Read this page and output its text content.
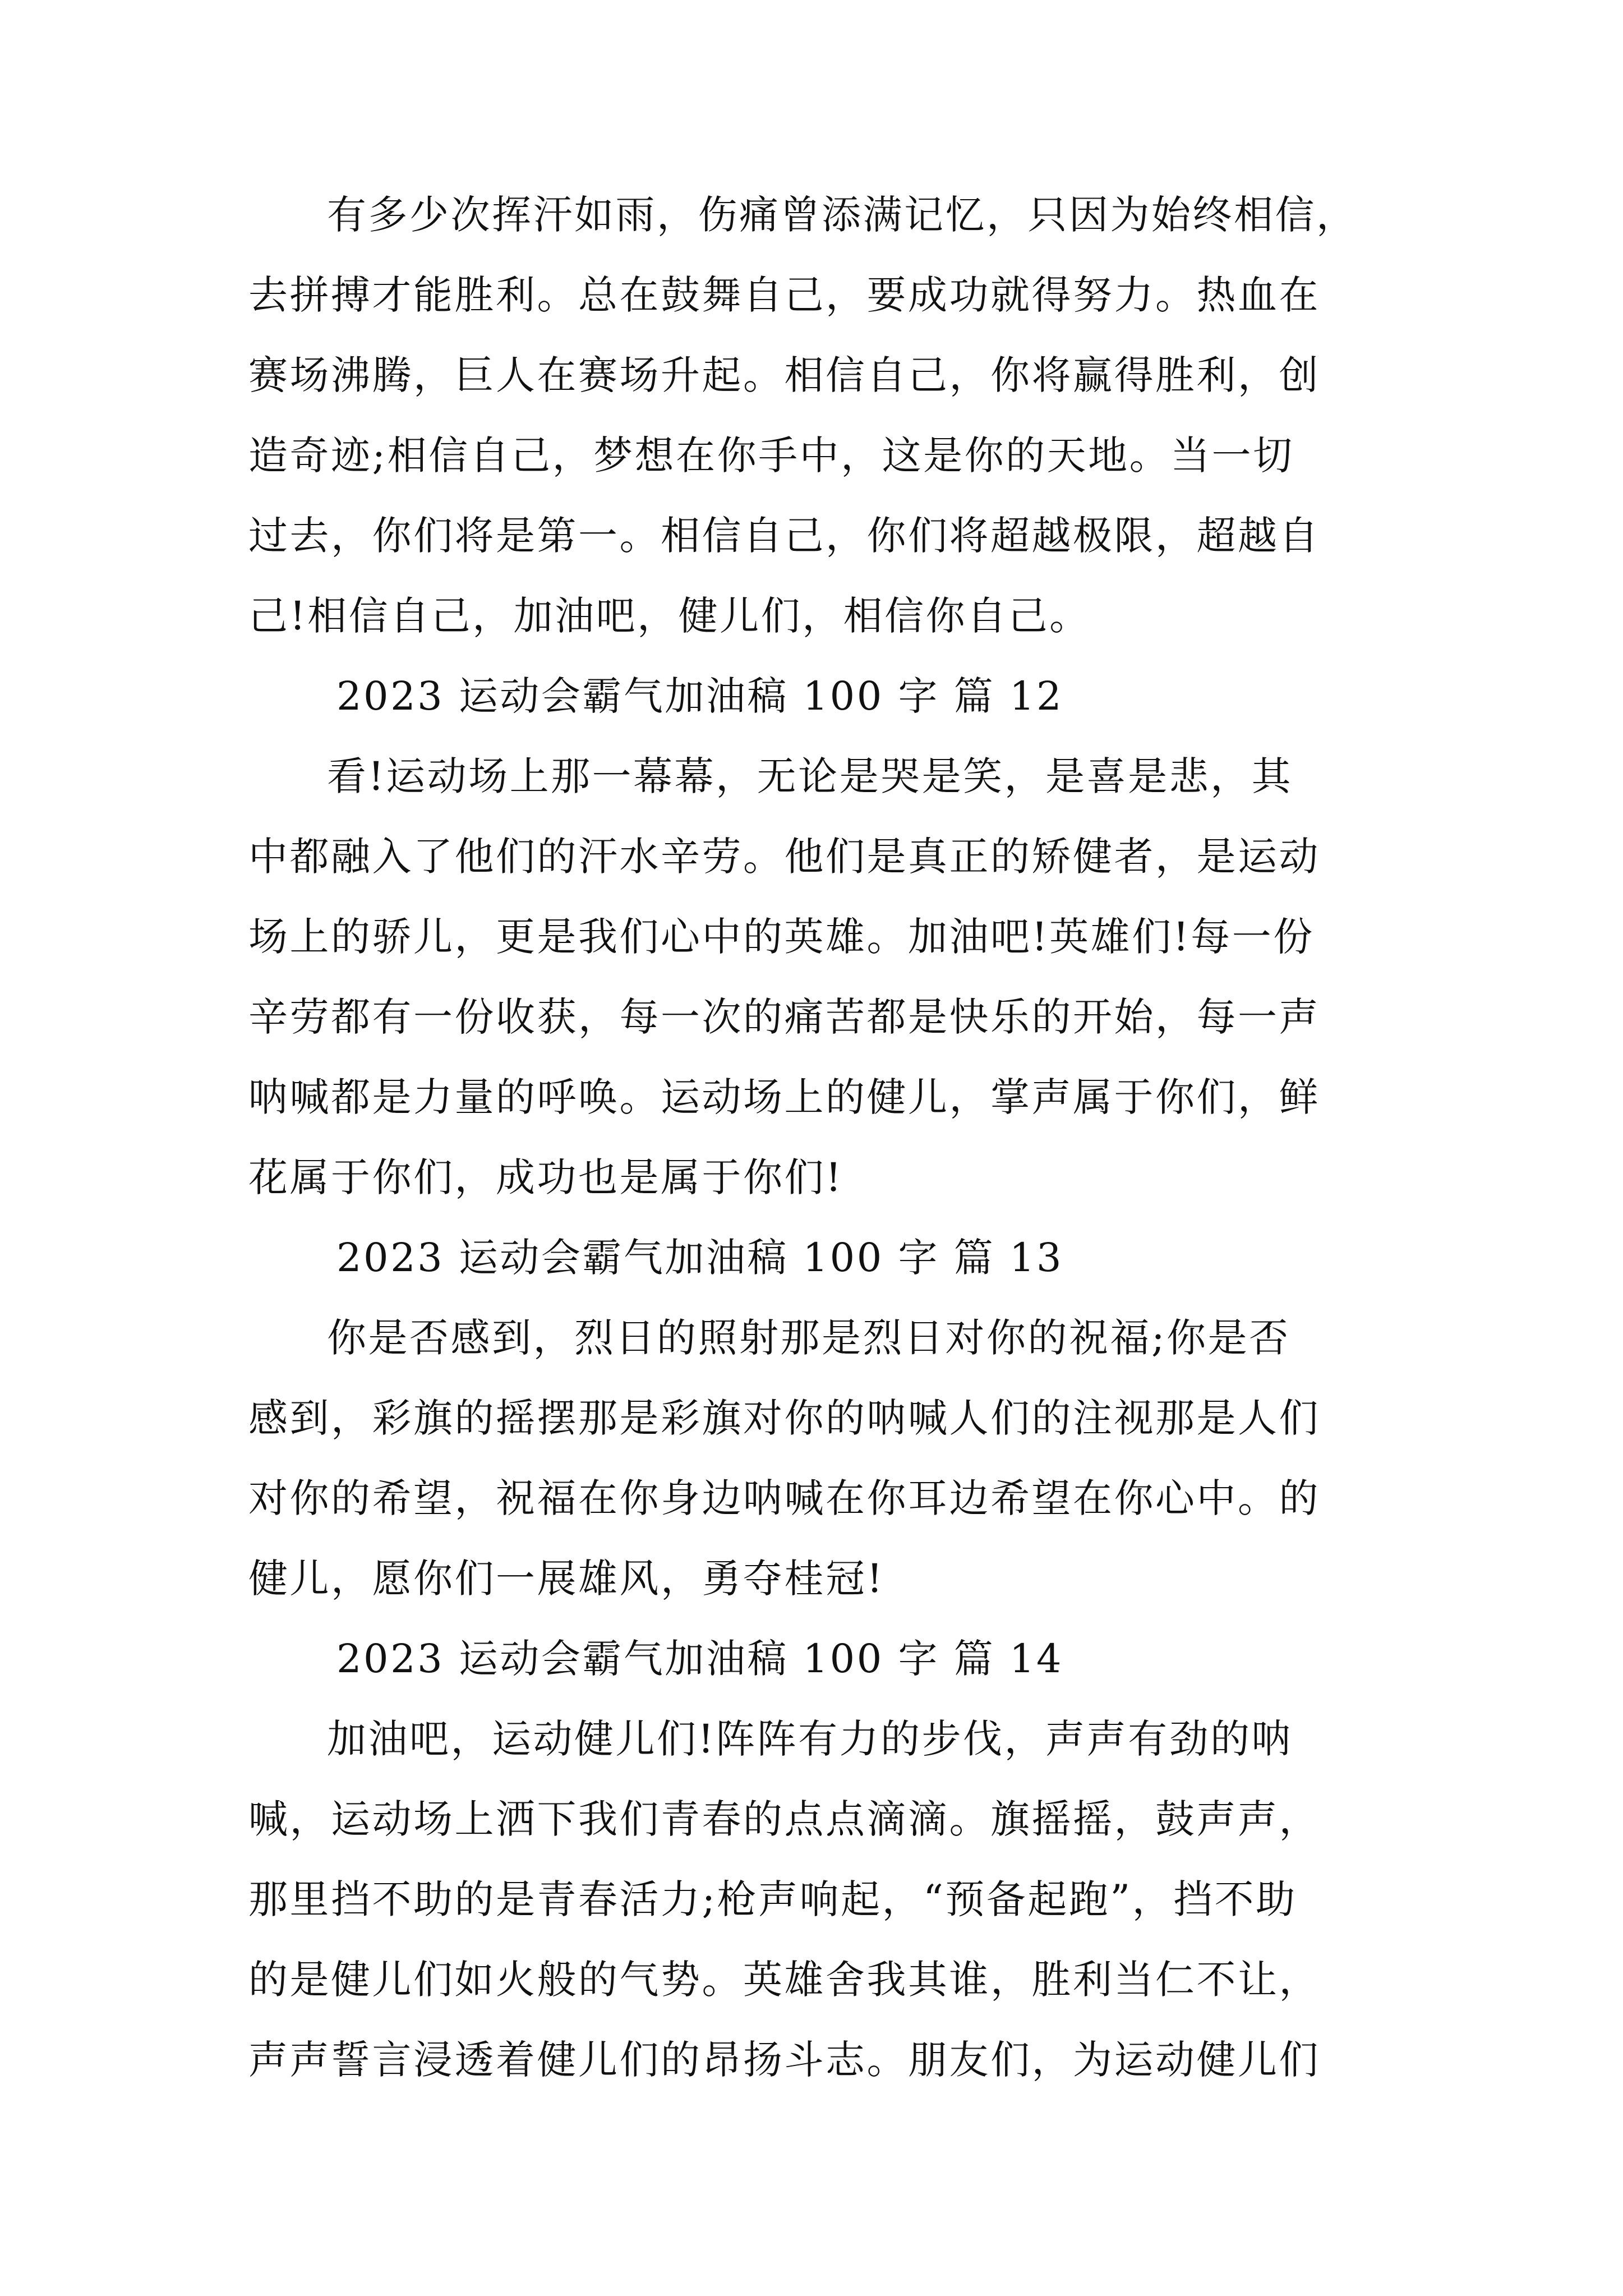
有多少次挥汗如雨，伤痛曾添满记忆，只因为始终相信，

去拼搏才能胜利。总在鼓舞自己，要成功就得努力。热血在

赛场沸腾，巨人在赛场升起。相信自己，你将赢得胜利，创

造奇迹;相信自己，梦想在你手中，这是你的天地。当一切

过去，你们将是第一。相信自己，你们将超越极限，超越自

己!相信自己，加油吧，健儿们，相信你自己。

2023 运动会霸气加油稿 100 字 篇 12

看!运动场上那一幕幕，无论是哭是笑，是喜是悲，其

中都融入了他们的汗水辛劳。他们是真正的矫健者，是运动

场上的骄儿，更是我们心中的英雄。加油吧!英雄们!每一份

辛劳都有一份收获，每一次的痛苦都是快乐的开始，每一声

呐喊都是力量的呼唤。运动场上的健儿，掌声属于你们，鲜

花属于你们，成功也是属于你们!

2023 运动会霸气加油稿 100 字 篇 13

你是否感到，烈日的照射那是烈日对你的祝福;你是否

感到，彩旗的摇摆那是彩旗对你的呐喊人们的注视那是人们

对你的希望，祝福在你身边呐喊在你耳边希望在你心中。的

健儿，愿你们一展雄风，勇夺桂冠!

2023 运动会霸气加油稿 100 字 篇 14

加油吧，运动健儿们!阵阵有力的步伐，声声有劲的呐

喊，运动场上洒下我们青春的点点滴滴。旗摇摇，鼓声声，

那里挡不助的是青春活力;枪声响起，“预备起跑”，挡不助

的是健儿们如火般的气势。英雄舍我其谁，胜利当仁不让，

声声誓言浸透着健儿们的昂扬斗志。朋友们，为运动健儿们
